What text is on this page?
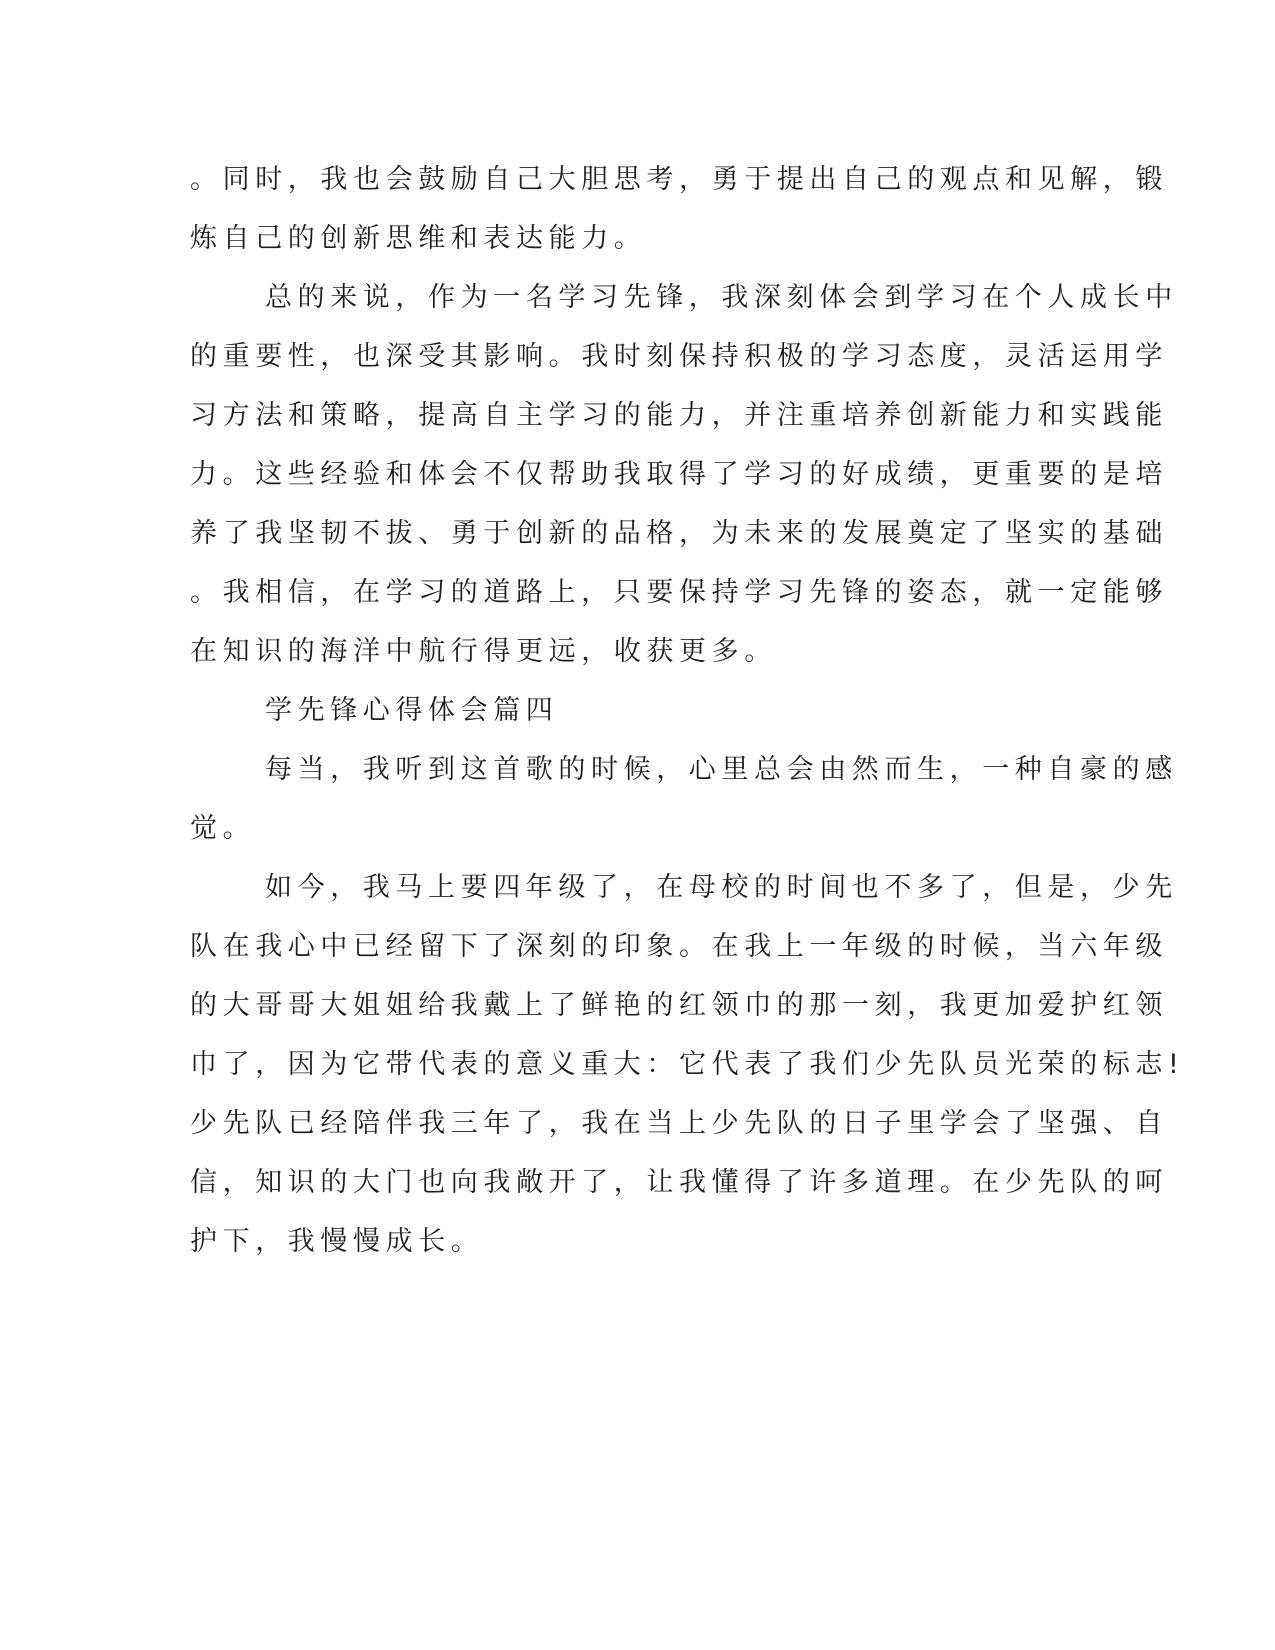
。同时，我也会鼓励自己大胆思考，勇于提出自己的观点和见解，锻
炼自己的创新思维和表达能力。
总的来说，作为一名学习先锋，我深刻体会到学习在个人成长中
的重要性，也深受其影响。我时刻保持积极的学习态度，灵活运用学
习方法和策略，提高自主学习的能力，并注重培养创新能力和实践能
力。这些经验和体会不仅帮助我取得了学习的好成绩，更重要的是培
养了我坚韧不拔、勇于创新的品格，为未来的发展奠定了坚实的基础
。我相信，在学习的道路上，只要保持学习先锋的姿态，就一定能够
在知识的海洋中航行得更远，收获更多。
学先锋心得体会篇四
每当，我听到这首歌的时候，心里总会由然而生，一种自豪的感
觉。
如今，我马上要四年级了，在母校的时间也不多了，但是，少先
队在我心中已经留下了深刻的印象。在我上一年级的时候，当六年级
的大哥哥大姐姐给我戴上了鲜艳的红领巾的那一刻，我更加爱护红领
巾了，因为它带代表的意义重大：它代表了我们少先队员光荣的标志!
少先队已经陪伴我三年了，我在当上少先队的日子里学会了坚强、自
信，知识的大门也向我敞开了，让我懂得了许多道理。在少先队的呵
护下，我慢慢成长。
